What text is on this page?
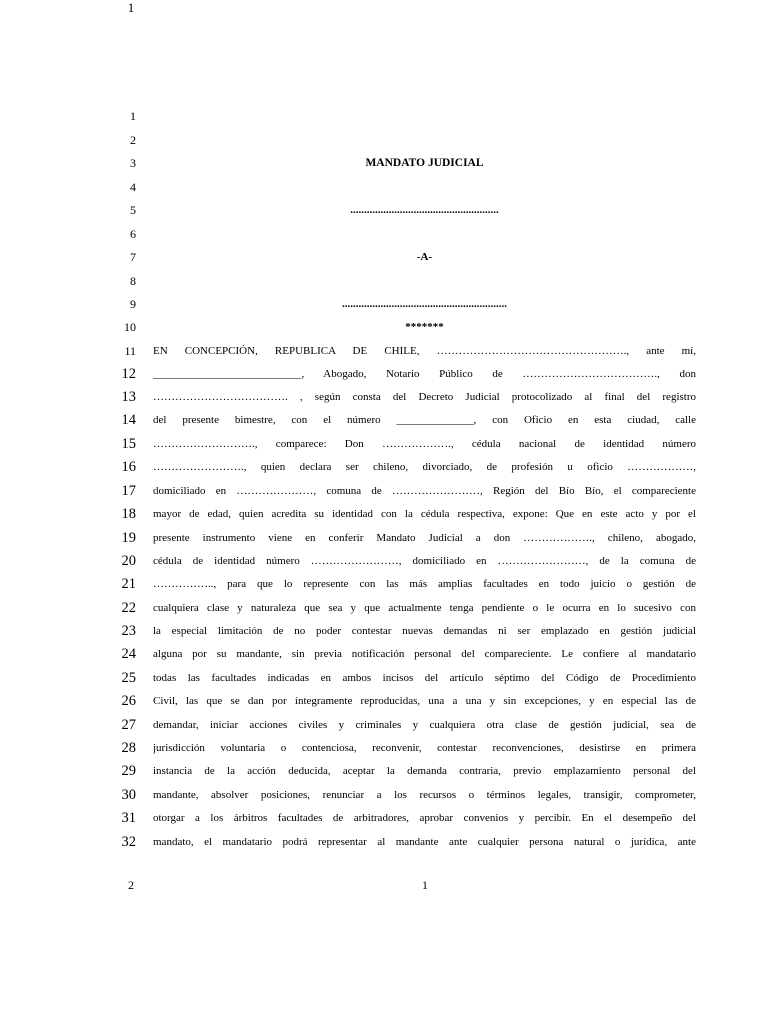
1
1
2
3
4
5
6
7
8
9
10
11
12
13
14
15
16
17
18
19
20
21
22
23
24
25
26
27
28
29
30
31
32
MANDATO JUDICIAL
......................................................
-A-
............................................................
*******
EN CONCEPCIÓN, REPUBLICA DE CHILE, ……………………………………………., ante mí,
___________________________, Abogado, Notario Público de ………………………………., don
………………………………. , según consta del Decreto Judicial protocolizado al final del registro
del presente bimestre, con el número ______________, con Oficio en esta ciudad, calle
………………………., comparece: Don ………………., cédula nacional de identidad número
……………………., quien declara ser chileno, divorciado, de profesión u oficio ………………,
domiciliado en …………………, comuna de ……………………, Región del Bío Bío, el compareciente
mayor de edad, quien acredita su identidad con la cédula respectiva, expone: Que en este acto y por el
presente instrumento viene en conferir Mandato Judicial a don ………………., chileno, abogado,
cédula de identidad número ……………………, domiciliado en ……………………, de la comuna de
…………….., para que lo represente con las más amplias facultades en todo juicio o gestión de
cualquiera clase y naturaleza que sea y que actualmente tenga pendiente o le ocurra en lo sucesivo con
la especial limitación de no poder contestar nuevas demandas ni ser emplazado en gestión judicial
alguna por su mandante, sin previa notificación personal del compareciente. Le confiere al mandatario
todas las facultades indicadas en ambos incisos del artículo séptimo del Código de Procedimiento
Civil, las que se dan por íntegramente reproducidas, una a una y sin excepciones, y en especial las de
demandar, iniciar acciones civiles y criminales y cualquiera otra clase de gestión judicial, sea de
jurisdicción voluntaria o contenciosa, reconvenir, contestar reconvenciones, desistirse en primera
instancia de la acción deducida, aceptar la demanda contraria, previo emplazamiento personal del
mandante, absolver posiciones, renunciar a los recursos o términos legales, transigir, comprometer,
otorgar a los árbitros facultades de arbitradores, aprobar convenios y percibir. En el desempeño del
mandato, el mandatario podrá representar al mandante ante cualquier persona natural o jurídica, ante
2	1
